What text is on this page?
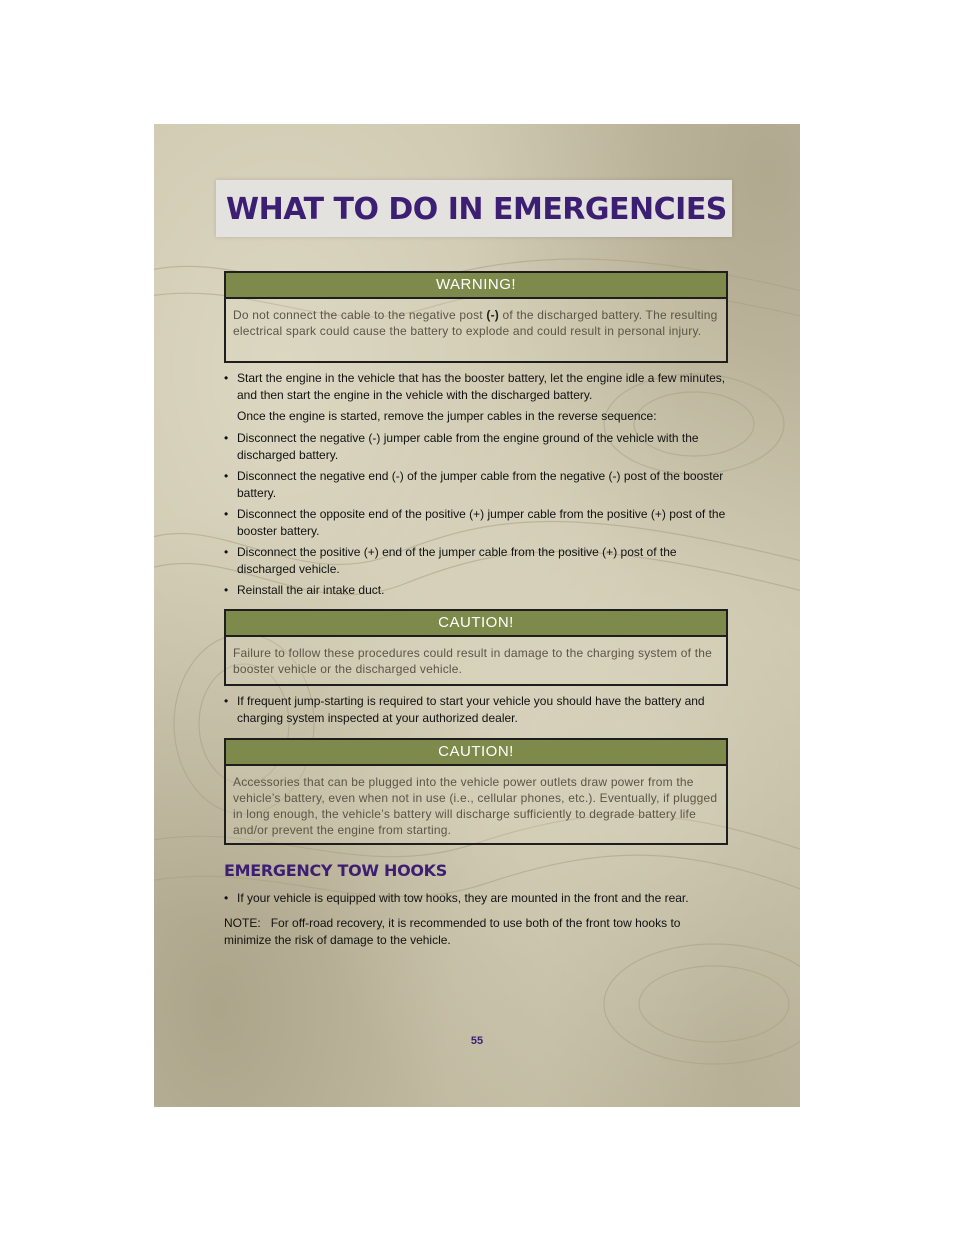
WHAT TO DO IN EMERGENCIES
WARNING!
Do not connect the cable to the negative post (-) of the discharged battery. The resulting electrical spark could cause the battery to explode and could result in personal injury.
• Start the engine in the vehicle that has the booster battery, let the engine idle a few minutes, and then start the engine in the vehicle with the discharged battery.
Once the engine is started, remove the jumper cables in the reverse sequence:
• Disconnect the negative (-) jumper cable from the engine ground of the vehicle with the discharged battery.
• Disconnect the negative end (-) of the jumper cable from the negative (-) post of the booster battery.
• Disconnect the opposite end of the positive (+) jumper cable from the positive (+) post of the booster battery.
• Disconnect the positive (+) end of the jumper cable from the positive (+) post of the discharged vehicle.
• Reinstall the air intake duct.
CAUTION!
Failure to follow these procedures could result in damage to the charging system of the booster vehicle or the discharged vehicle.
• If frequent jump-starting is required to start your vehicle you should have the battery and charging system inspected at your authorized dealer.
CAUTION!
Accessories that can be plugged into the vehicle power outlets draw power from the vehicle’s battery, even when not in use (i.e., cellular phones, etc.). Eventually, if plugged in long enough, the vehicle’s battery will discharge sufficiently to degrade battery life and/or prevent the engine from starting.
EMERGENCY TOW HOOKS
• If your vehicle is equipped with tow hooks, they are mounted in the front and the rear.
NOTE: For off-road recovery, it is recommended to use both of the front tow hooks to minimize the risk of damage to the vehicle.
55
